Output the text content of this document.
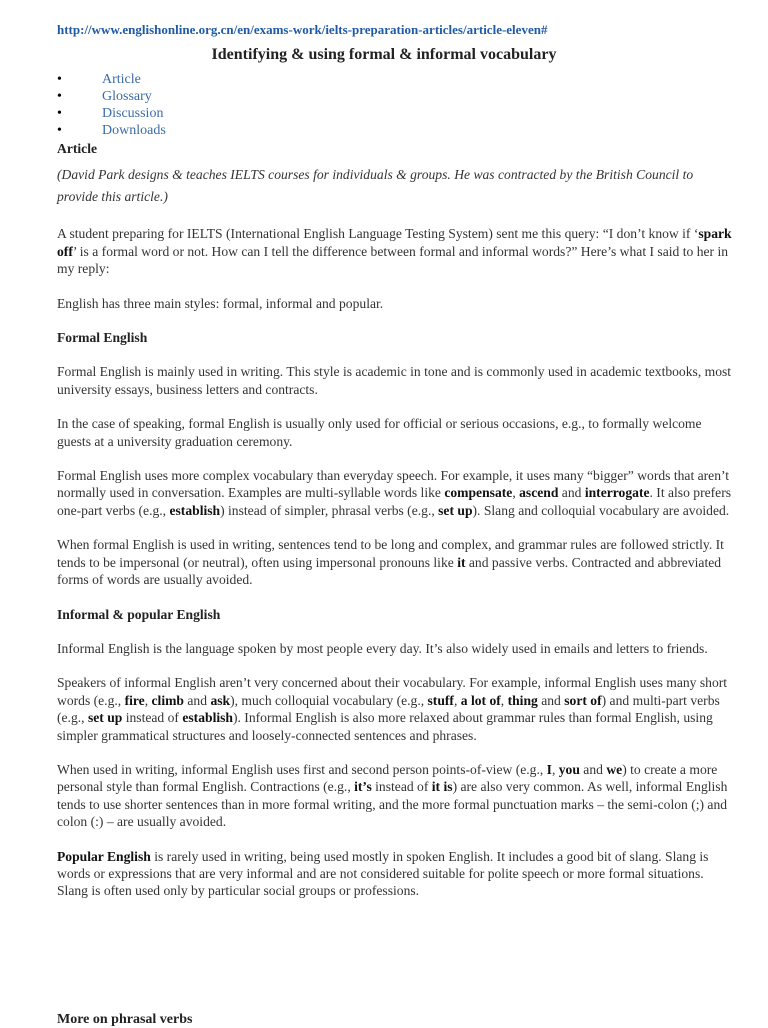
http://www.englishonline.org.cn/en/exams-work/ielts-preparation-articles/article-eleven#
Identifying & using formal & informal vocabulary
•	Article
•	Glossary
•	Discussion
•	Downloads

Article

(David Park designs & teaches IELTS courses for individuals & groups. He was contracted by the British Council to provide this article.)

A student preparing for IELTS (International English Language Testing System) sent me this query: “I don’t know if ‘spark off’ is a formal word or not. How can I tell the difference between formal and informal words?” Here’s what I said to her in my reply:

English has three main styles: formal, informal and popular.

Formal English

Formal English is mainly used in writing. This style is academic in tone and is commonly used in academic textbooks, most university essays, business letters and contracts.

In the case of speaking, formal English is usually only used for official or serious occasions, e.g., to formally welcome guests at a university graduation ceremony.

Formal English uses more complex vocabulary than everyday speech. For example, it uses many “bigger” words that aren’t normally used in conversation. Examples are multi-syllable words like compensate, ascend and interrogate. It also prefers one-part verbs (e.g., establish) instead of simpler, phrasal verbs (e.g., set up). Slang and colloquial vocabulary are avoided.

When formal English is used in writing, sentences tend to be long and complex, and grammar rules are followed strictly. It tends to be impersonal (or neutral), often using impersonal pronouns like it and passive verbs. Contracted and abbreviated forms of words are usually avoided.

Informal & popular English

Informal English is the language spoken by most people every day. It’s also widely used in emails and letters to friends.

Speakers of informal English aren’t very concerned about their vocabulary. For example, informal English uses many short words (e.g., fire, climb and ask), much colloquial vocabulary (e.g., stuff, a lot of, thing and sort of) and multi-part verbs (e.g., set up instead of establish). Informal English is also more relaxed about grammar rules than formal English, using simpler grammatical structures and loosely-connected sentences and phrases.

When used in writing, informal English uses first and second person points-of-view (e.g., I, you and we) to create a more personal style than formal English. Contractions (e.g., it’s instead of it is) are also very common. As well, informal English tends to use shorter sentences than in more formal writing, and the more formal punctuation marks – the semi-colon (;) and colon (:) – are usually avoided.

Popular English is rarely used in writing, being used mostly in spoken English. It includes a good bit of slang. Slang is words or expressions that are very informal and are not considered suitable for polite speech or more formal situations. Slang is often used only by particular social groups or professions.

More on phrasal verbs
